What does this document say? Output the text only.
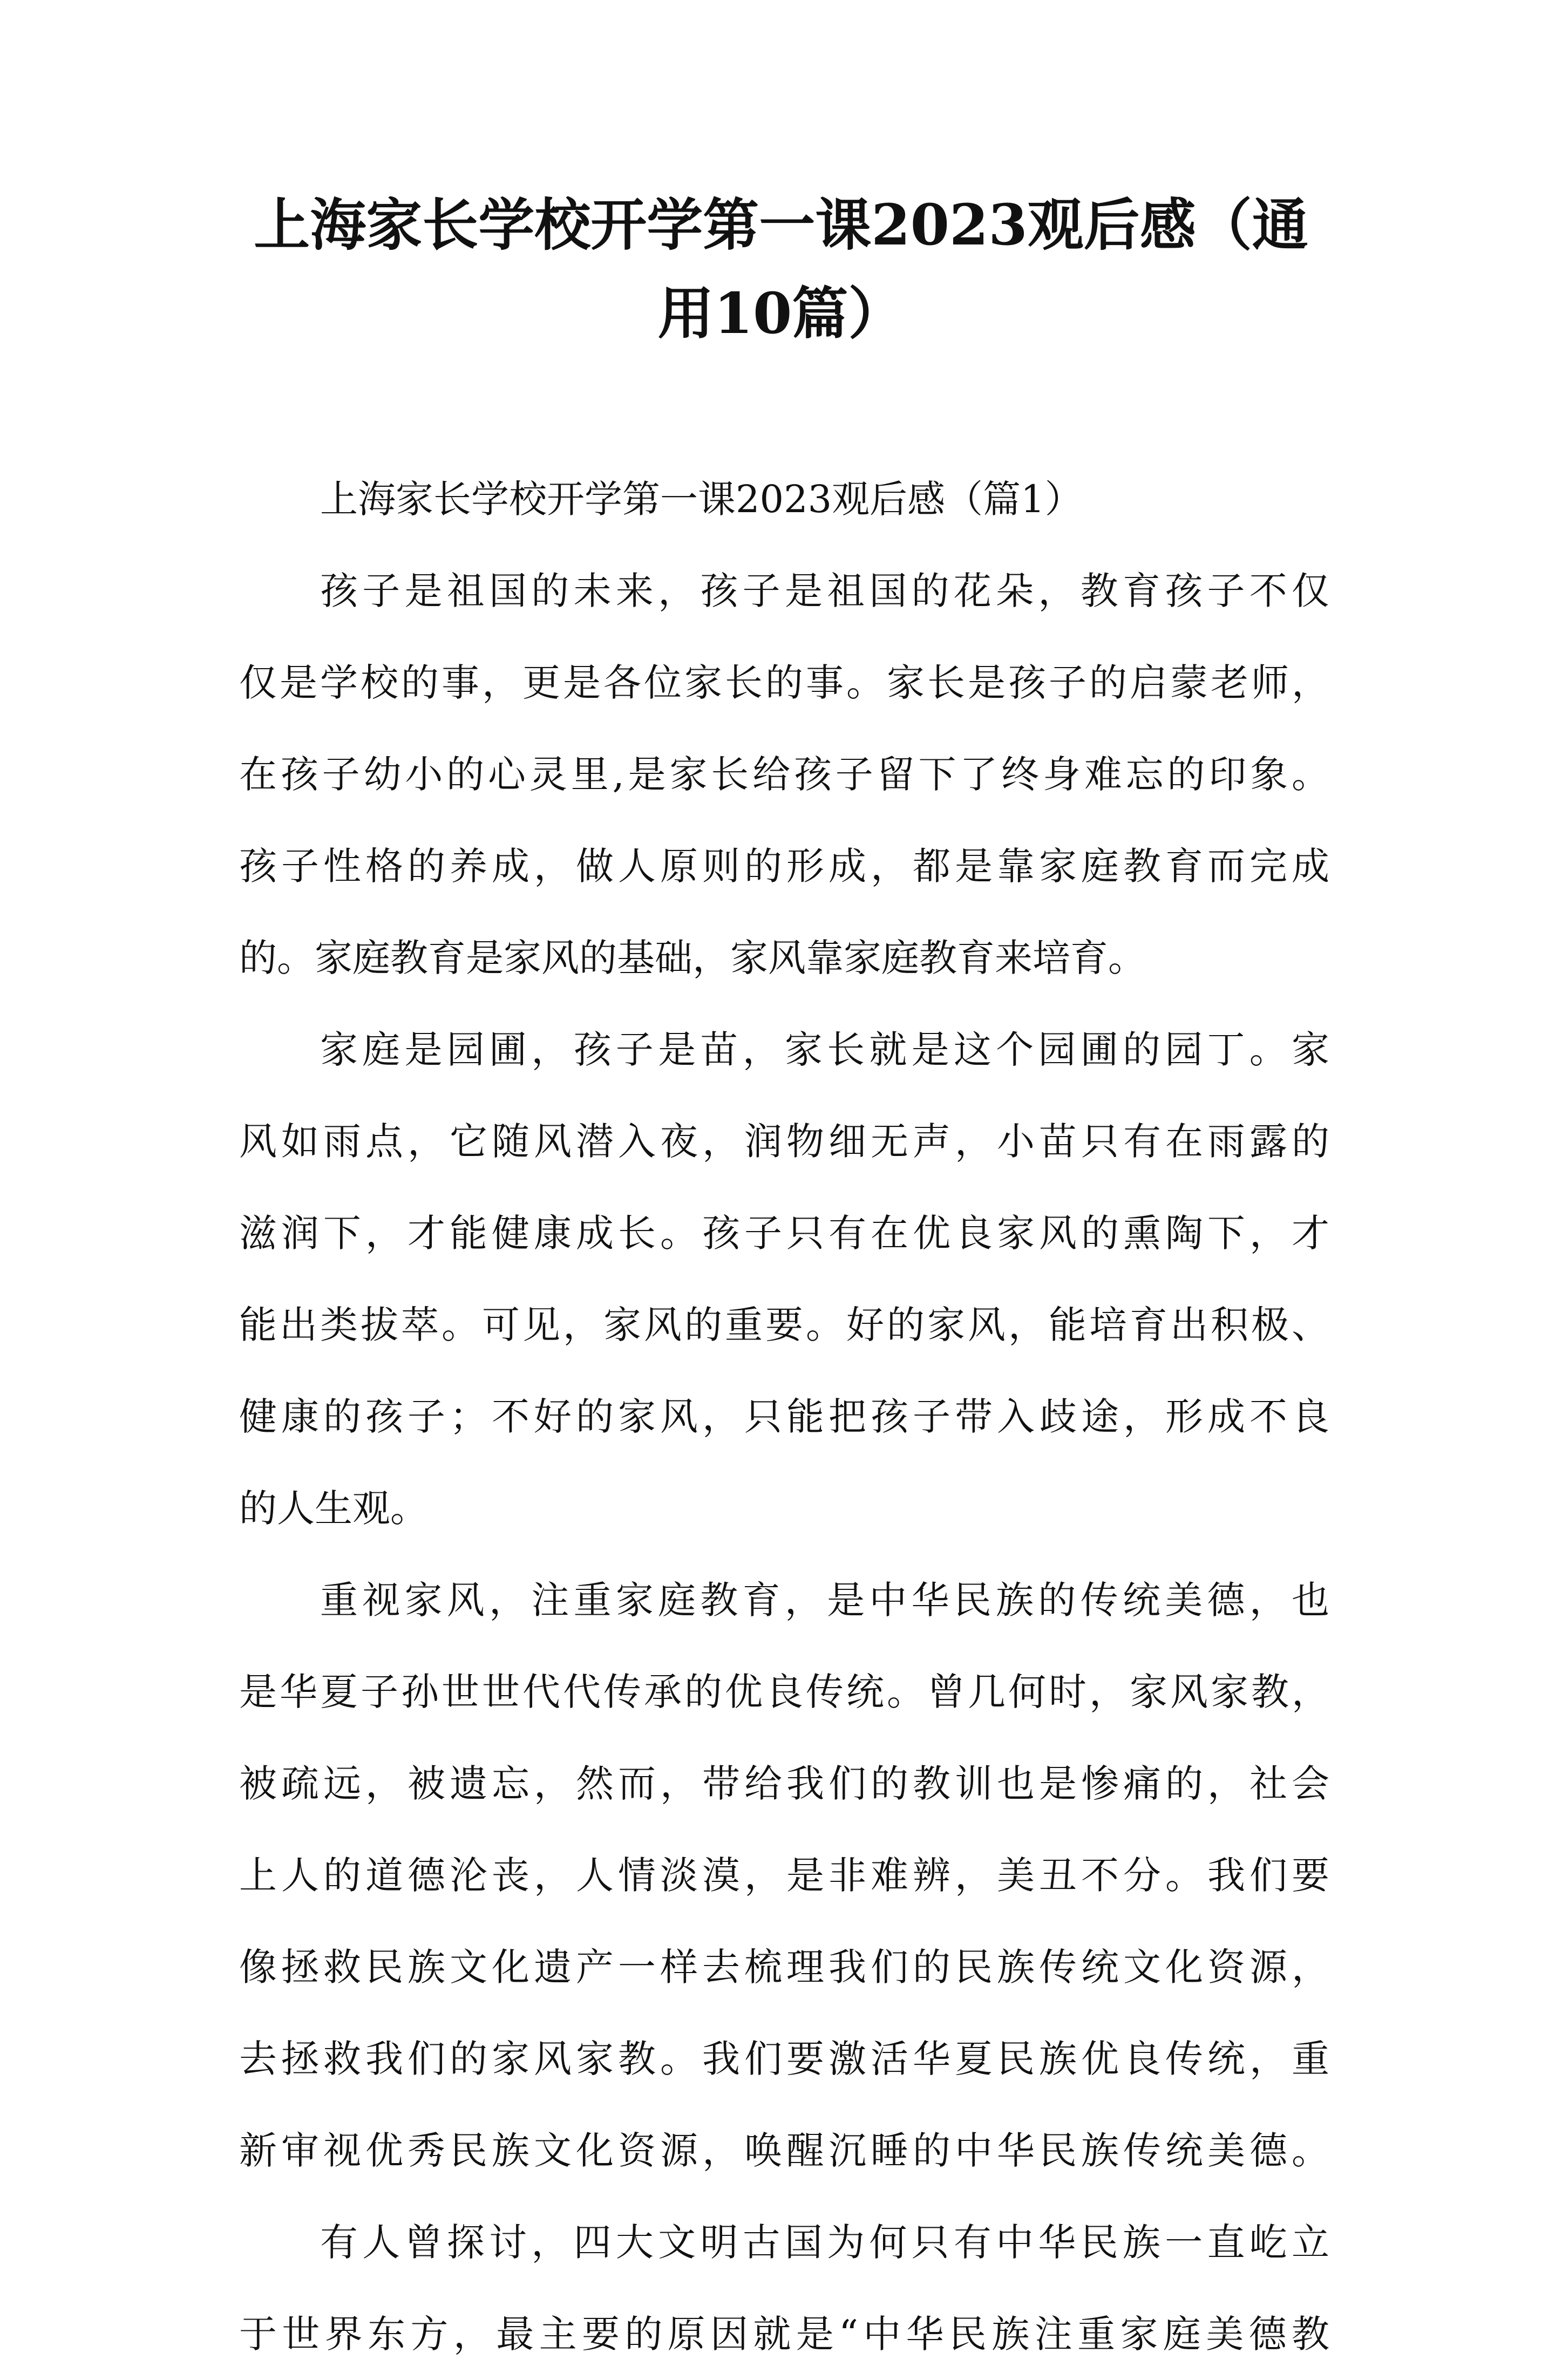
上海家长学校开学第一课2023观后感（通
用10篇）
上海家长学校开学第一课2023观后感（篇1）
孩子是祖国的未来，孩子是祖国的花朵，教育孩子不仅
仅是学校的事，更是各位家长的事。家长是孩子的启蒙老师，
在孩子幼小的心灵里,是家长给孩子留下了终身难忘的印象。
孩子性格的养成，做人原则的形成，都是靠家庭教育而完成
的。家庭教育是家风的基础，家风靠家庭教育来培育。
家庭是园圃，孩子是苗，家长就是这个园圃的园丁。家
风如雨点，它随风潜入夜，润物细无声，小苗只有在雨露的
滋润下，才能健康成长。孩子只有在优良家风的熏陶下，才
能出类拔萃。可见，家风的重要。好的家风，能培育出积极、
健康的孩子；不好的家风，只能把孩子带入歧途，形成不良
的人生观。
重视家风，注重家庭教育，是中华民族的传统美德，也
是华夏子孙世世代代传承的优良传统。曾几何时，家风家教，
被疏远，被遗忘，然而，带给我们的教训也是惨痛的，社会
上人的道德沦丧，人情淡漠，是非难辨，美丑不分。我们要
像拯救民族文化遗产一样去梳理我们的民族传统文化资源，
去拯救我们的家风家教。我们要激活华夏民族优良传统，重
新审视优秀民族文化资源，唤醒沉睡的中华民族传统美德。
有人曾探讨，四大文明古国为何只有中华民族一直屹立
于世界东方，最主要的原因就是“中华民族注重家庭美德教
